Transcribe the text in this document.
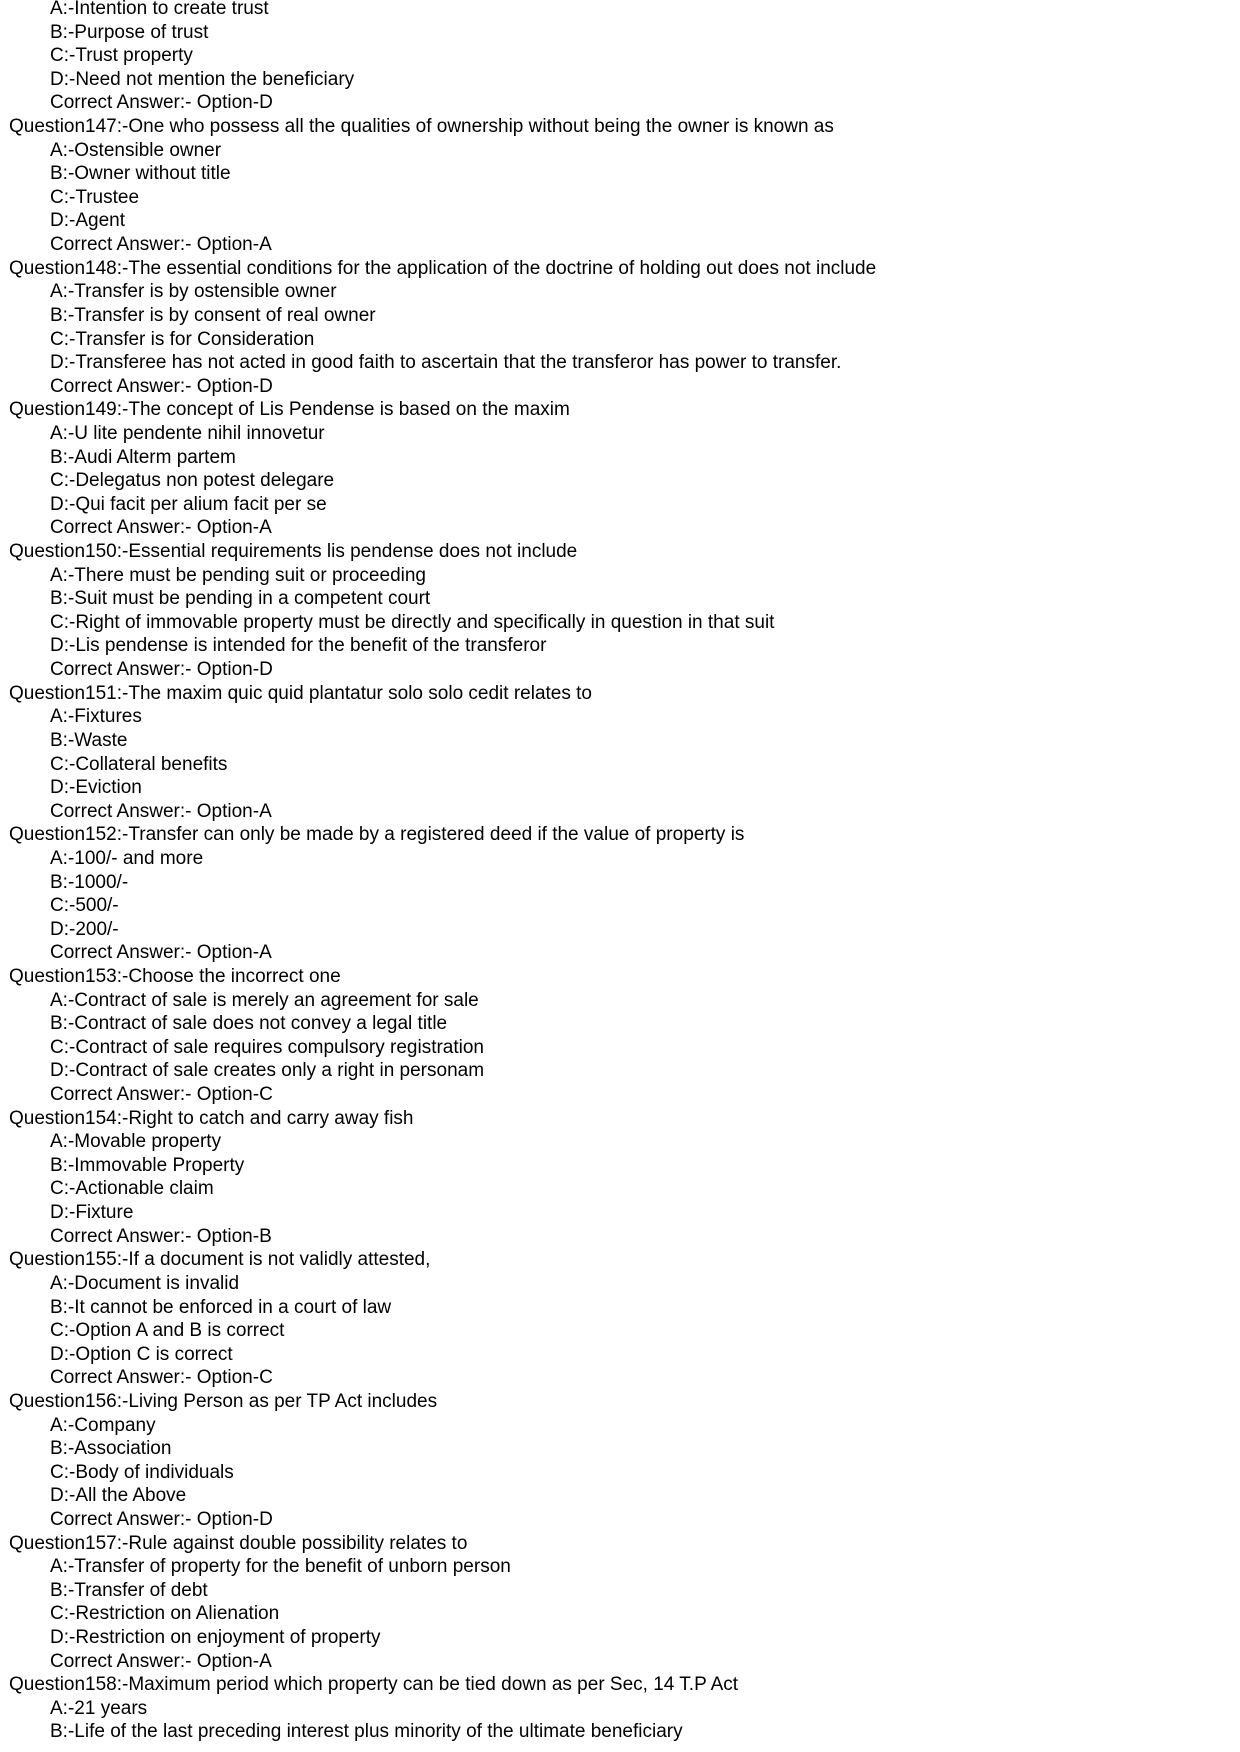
A:-Intention to create trust
B:-Purpose of trust
C:-Trust property
D:-Need not mention the beneficiary
Correct Answer:- Option-D
Question147:-One who possess all the qualities of ownership without being the owner is known as
A:-Ostensible owner
B:-Owner without title
C:-Trustee
D:-Agent
Correct Answer:- Option-A
Question148:-The essential conditions for the application of the doctrine of holding out does not include
A:-Transfer is by ostensible owner
B:-Transfer is by consent of real owner
C:-Transfer is for Consideration
D:-Transferee has not acted in good faith to ascertain that the transferor has power to transfer.
Correct Answer:- Option-D
Question149:-The concept of Lis Pendense is based on the maxim
A:-U lite pendente nihil innovetur
B:-Audi Alterm partem
C:-Delegatus non potest delegare
D:-Qui facit per alium facit per se
Correct Answer:- Option-A
Question150:-Essential requirements lis pendense does not include
A:-There must be pending suit or proceeding
B:-Suit must be pending in a competent court
C:-Right of immovable property must be directly and specifically in question in that suit
D:-Lis pendense is intended for the benefit of the transferor
Correct Answer:- Option-D
Question151:-The maxim quic quid plantatur solo solo cedit relates to
A:-Fixtures
B:-Waste
C:-Collateral benefits
D:-Eviction
Correct Answer:- Option-A
Question152:-Transfer can only be made by a registered deed if the value of property is
A:-100/- and more
B:-1000/-
C:-500/-
D:-200/-
Correct Answer:- Option-A
Question153:-Choose the incorrect one
A:-Contract of sale is merely an agreement for sale
B:-Contract of sale does not convey a legal title
C:-Contract of sale requires compulsory registration
D:-Contract of sale creates only a right in personam
Correct Answer:- Option-C
Question154:-Right to catch and carry away fish
A:-Movable property
B:-Immovable Property
C:-Actionable claim
D:-Fixture
Correct Answer:- Option-B
Question155:-If a document is not validly attested,
A:-Document is invalid
B:-It cannot be enforced in a court of law
C:-Option A and B is correct
D:-Option C is correct
Correct Answer:- Option-C
Question156:-Living Person as per TP Act includes
A:-Company
B:-Association
C:-Body of individuals
D:-All the Above
Correct Answer:- Option-D
Question157:-Rule against double possibility relates to
A:-Transfer of property for the benefit of unborn person
B:-Transfer of debt
C:-Restriction on Alienation
D:-Restriction on enjoyment of property
Correct Answer:- Option-A
Question158:-Maximum period which property can be tied down as per Sec, 14 T.P Act
A:-21 years
B:-Life of the last preceding interest plus minority of the ultimate beneficiary
